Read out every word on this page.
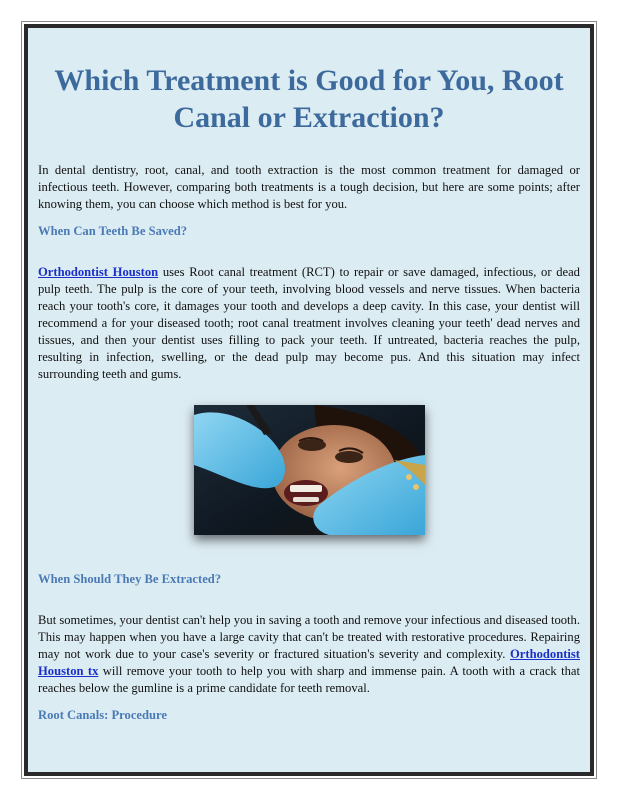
Which Treatment is Good for You, Root Canal or Extraction?

In dental dentistry, root, canal, and tooth extraction is the most common treatment for damaged or infectious teeth. However, comparing both treatments is a tough decision, but here are some points; after knowing them, you can choose which method is best for you.

When Can Teeth Be Saved?

Orthodontist Houston uses Root canal treatment (RCT) to repair or save damaged, infectious, or dead pulp teeth. The pulp is the core of your teeth, involving blood vessels and nerve tissues. When bacteria reach your tooth's core, it damages your tooth and develops a deep cavity. In this case, your dentist will recommend a for your diseased tooth; root canal treatment involves cleaning your teeth' dead nerves and tissues, and then your dentist uses filling to pack your teeth. If untreated, bacteria reaches the pulp, resulting in infection, swelling, or the dead pulp may become pus. And this situation may infect surrounding teeth and gums.

When Should They Be Extracted?

But sometimes, your dentist can't help you in saving a tooth and remove your infectious and diseased tooth. This may happen when you have a large cavity that can't be treated with restorative procedures. Repairing may not work due to your case's severity or fractured situation's severity and complexity. Orthodontist Houston tx will remove your tooth to help you with sharp and immense pain. A tooth with a crack that reaches below the gumline is a prime candidate for teeth removal.

Root Canals: Procedure
